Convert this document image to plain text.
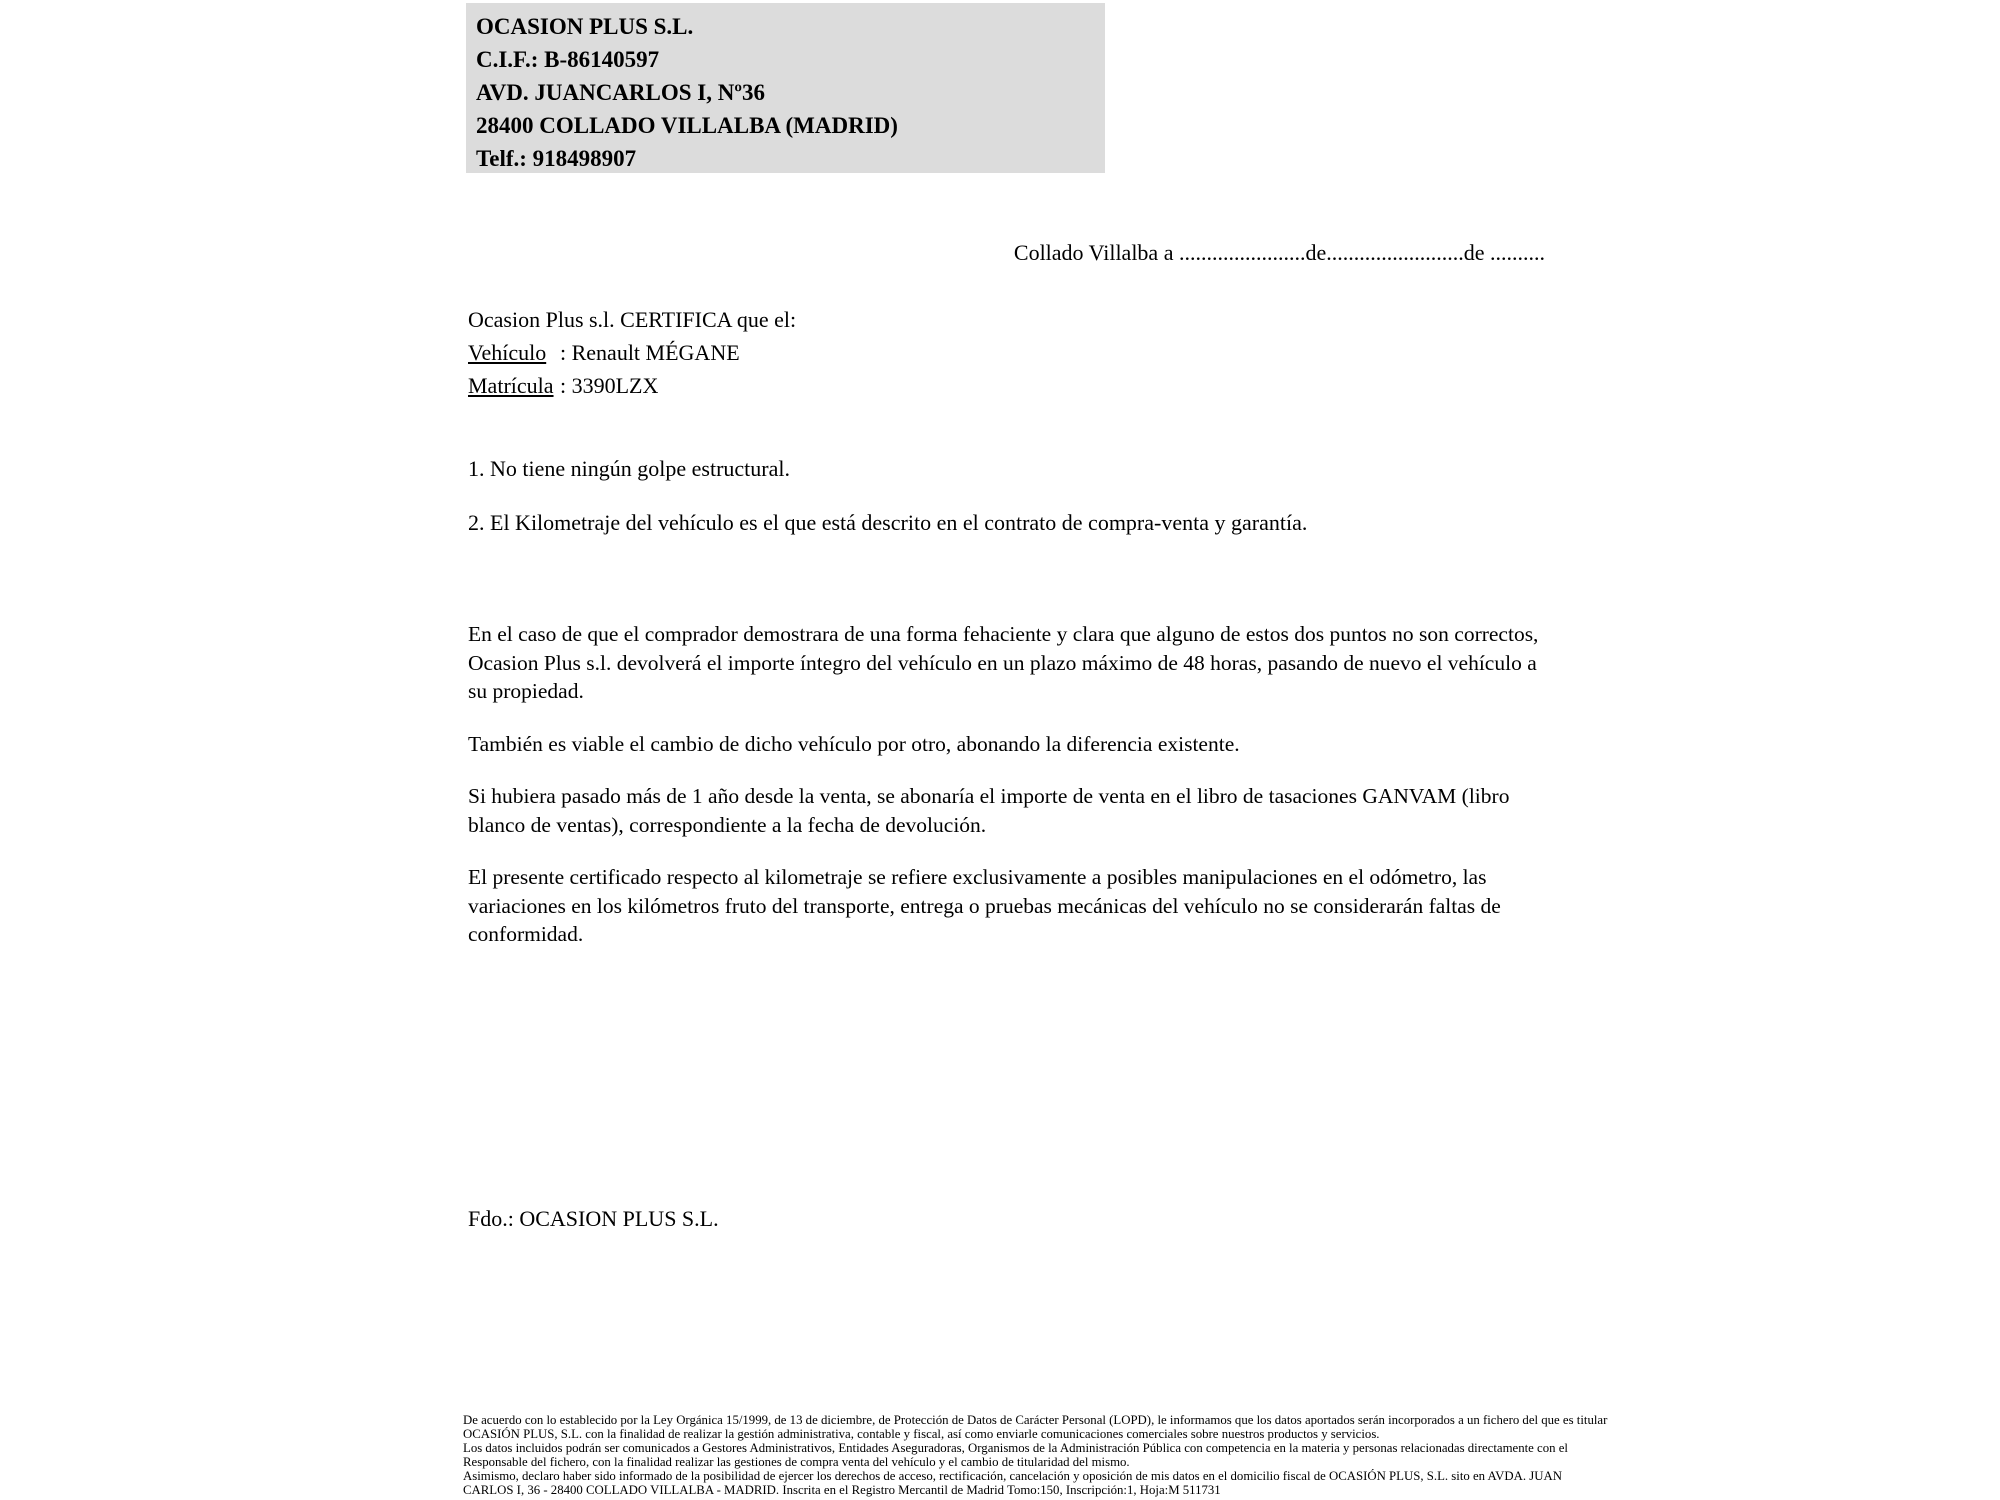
OCASION PLUS S.L.
C.I.F.: B-86140597
AVD. JUANCARLOS I, Nº36
28400 COLLADO VILLALBA (MADRID)
Telf.: 918498907
Collado Villalba a .......................de.........................de ..........
Ocasion Plus s.l. CERTIFICA que el:
Vehículo : Renault MÉGANE
Matrícula : 3390LZX

1. No tiene ningún golpe estructural.

2. El Kilometraje del vehículo es el que está descrito en el contrato de compra-venta y garantía.

En el caso de que el comprador demostrara de una forma fehaciente y clara que alguno de estos dos puntos no son correctos, Ocasion Plus s.l. devolverá el importe íntegro del vehículo en un plazo máximo de 48 horas, pasando de nuevo el vehículo a su propiedad.

También es viable el cambio de dicho vehículo por otro, abonando la diferencia existente.

Si hubiera pasado más de 1 año desde la venta, se abonaría el importe de venta en el libro de tasaciones GANVAM (libro blanco de ventas), correspondiente a la fecha de devolución.

El presente certificado respecto al kilometraje se refiere exclusivamente a posibles manipulaciones en el odómetro, las variaciones en los kilómetros fruto del transporte, entrega o pruebas mecánicas del vehículo no se considerarán faltas de conformidad.

Fdo.: OCASION PLUS S.L.
De acuerdo con lo establecido por la Ley Orgánica 15/1999, de 13 de diciembre, de Protección de Datos de Carácter Personal (LOPD), le informamos que los datos aportados serán incorporados a un fichero del que es titular
OCASIÓN PLUS, S.L. con la finalidad de realizar la gestión administrativa, contable y fiscal, así como enviarle comunicaciones comerciales sobre nuestros productos y servicios.
Los datos incluidos podrán ser comunicados a Gestores Administrativos, Entidades Aseguradoras, Organismos de la Administración Pública con competencia en la materia y personas relacionadas directamente con el
Responsable del fichero, con la finalidad realizar las gestiones de compra venta del vehículo y el cambio de titularidad del mismo.
Asimismo, declaro haber sido informado de la posibilidad de ejercer los derechos de acceso, rectificación, cancelación y oposición de mis datos en el domicilio fiscal de OCASIÓN PLUS, S.L. sito en AVDA. JUAN
CARLOS I, 36 - 28400 COLLADO VILLALBA - MADRID. Inscrita en el Registro Mercantil de Madrid Tomo:150, Inscripción:1, Hoja:M 511731
